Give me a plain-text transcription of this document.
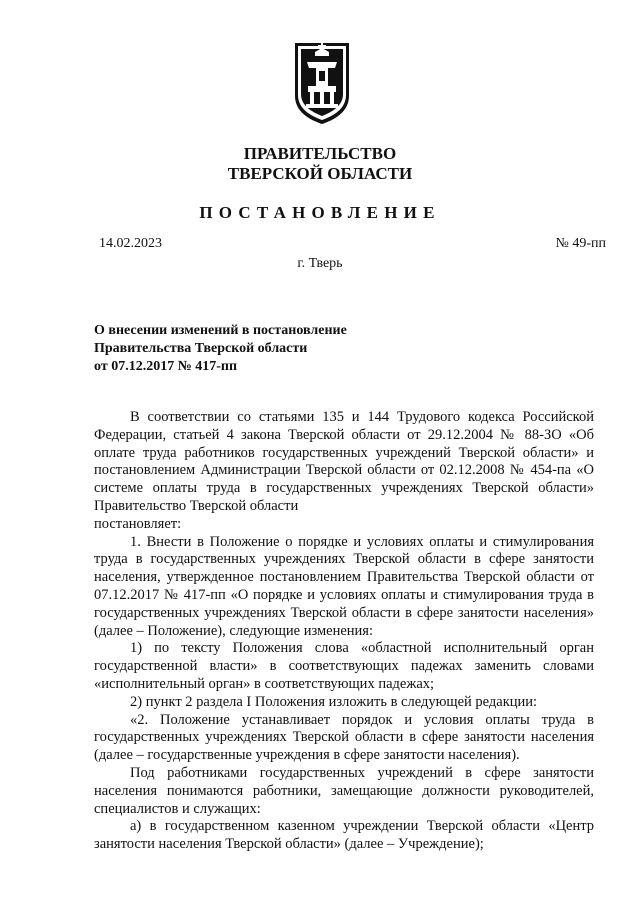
ПРАВИТЕЛЬСТВО
ТВЕРСКОЙ ОБЛАСТИ
ПОСТАНОВЛЕНИЕ
14.02.2023	№ 49-пп
г. Тверь
О внесении изменений в постановление
Правительства Тверской области
от 07.12.2017 № 417-пп

В соответствии со статьями 135 и 144 Трудового кодекса Российской Федерации, статьей 4 закона Тверской области от 29.12.2004 № 88-ЗО «Об оплате труда работников государственных учреждений Тверской области» и постановлением Администрации Тверской области от 02.12.2008 № 454-па «О системе оплаты труда в государственных учреждениях Тверской области» Правительство Тверской области

постановляет:

1. Внести в Положение о порядке и условиях оплаты и стимулирования труда в государственных учреждениях Тверской области в сфере занятости населения, утвержденное постановлением Правительства Тверской области от 07.12.2017 № 417-пп «О порядке и условиях оплаты и стимулирования труда в государственных учреждениях Тверской области в сфере занятости населения» (далее – Положение), следующие изменения:

1) по тексту Положения слова «областной исполнительный орган государственной власти» в соответствующих падежах заменить словами «исполнительный орган» в соответствующих падежах;

2) пункт 2 раздела I Положения изложить в следующей редакции:

«2. Положение устанавливает порядок и условия оплаты труда в государственных учреждениях Тверской области в сфере занятости населения (далее – государственные учреждения в сфере занятости населения).

Под работниками государственных учреждений в сфере занятости населения понимаются работники, замещающие должности руководителей, специалистов и служащих:

а) в государственном казенном учреждении Тверской области «Центр занятости населения Тверской области» (далее – Учреждение);
